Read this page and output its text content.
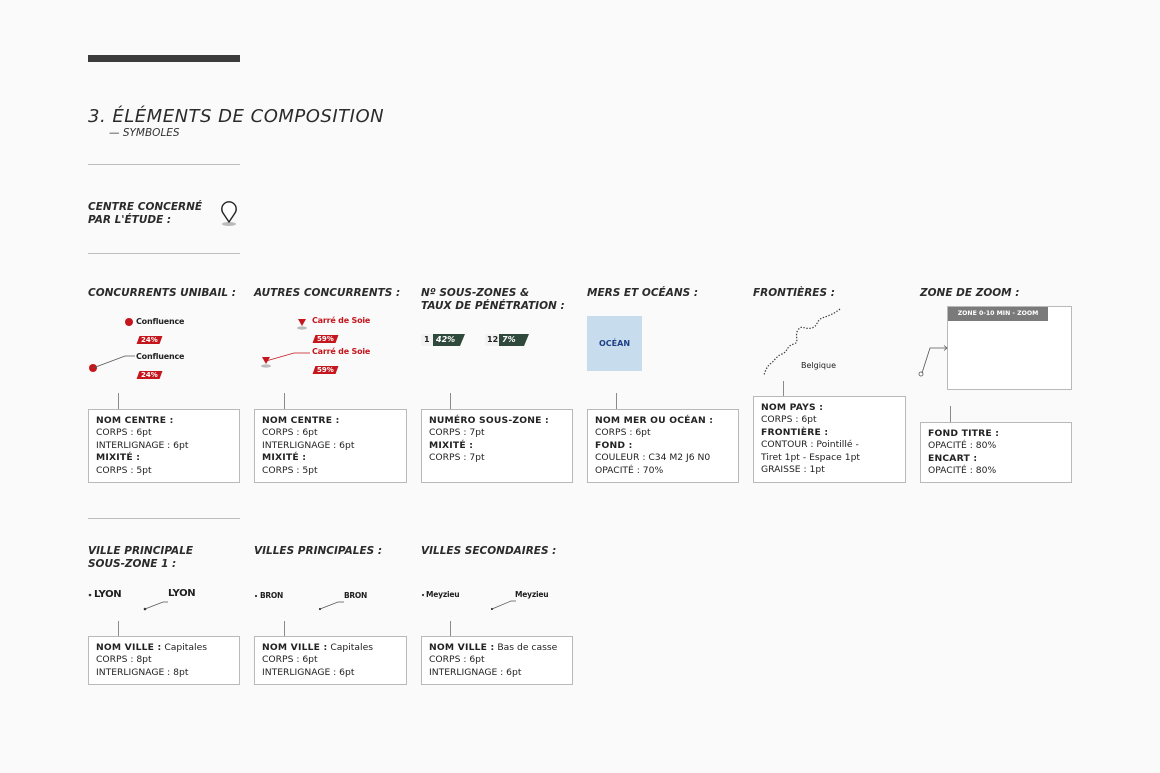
3. ÉLÉMENTS DE COMPOSITION
— SYMBOLES
CENTRE CONCERNÉ
PAR L'ÉTUDE :
CONCURRENTS UNIBAIL :
Confluence
24%
Confluence
24%
NOM CENTRE :
CORPS : 6pt
INTERLIGNAGE : 6pt
MIXITÉ :
CORPS : 5pt
AUTRES CONCURRENTS :
Carré de Soie
59%
Carré de Soie
59%
NOM CENTRE :
CORPS : 6pt
INTERLIGNAGE : 6pt
MIXITÉ :
CORPS : 5pt
Nº SOUS-ZONES &
TAUX DE PÉNÉTRATION :
1 42%	12 7%
NUMÉRO SOUS-ZONE :
CORPS : 7pt
MIXITÉ :
CORPS : 7pt
MERS ET OCÉANS :
OCÉAN
NOM MER OU OCÉAN :
CORPS : 6pt
FOND :
COULEUR : C34 M2 J6 N0
OPACITÉ : 70%
FRONTIÈRES :
Belgique
NOM PAYS :
CORPS : 6pt
FRONTIÈRE :
CONTOUR : Pointillé -
Tiret 1pt - Espace 1pt
GRAISSE : 1pt
ZONE DE ZOOM :
ZONE 0-10 MIN - ZOOM
FOND TITRE :
OPACITÉ : 80%
ENCART :
OPACITÉ : 80%
VILLE PRINCIPALE
SOUS-ZONE 1 :
LYON	LYON
NOM VILLE : Capitales
CORPS : 8pt
INTERLIGNAGE : 8pt
VILLES PRINCIPALES :
BRON	BRON
NOM VILLE : Capitales
CORPS : 6pt
INTERLIGNAGE : 6pt
VILLES SECONDAIRES :
Meyzieu	Meyzieu
NOM VILLE : Bas de casse
CORPS : 6pt
INTERLIGNAGE : 6pt
